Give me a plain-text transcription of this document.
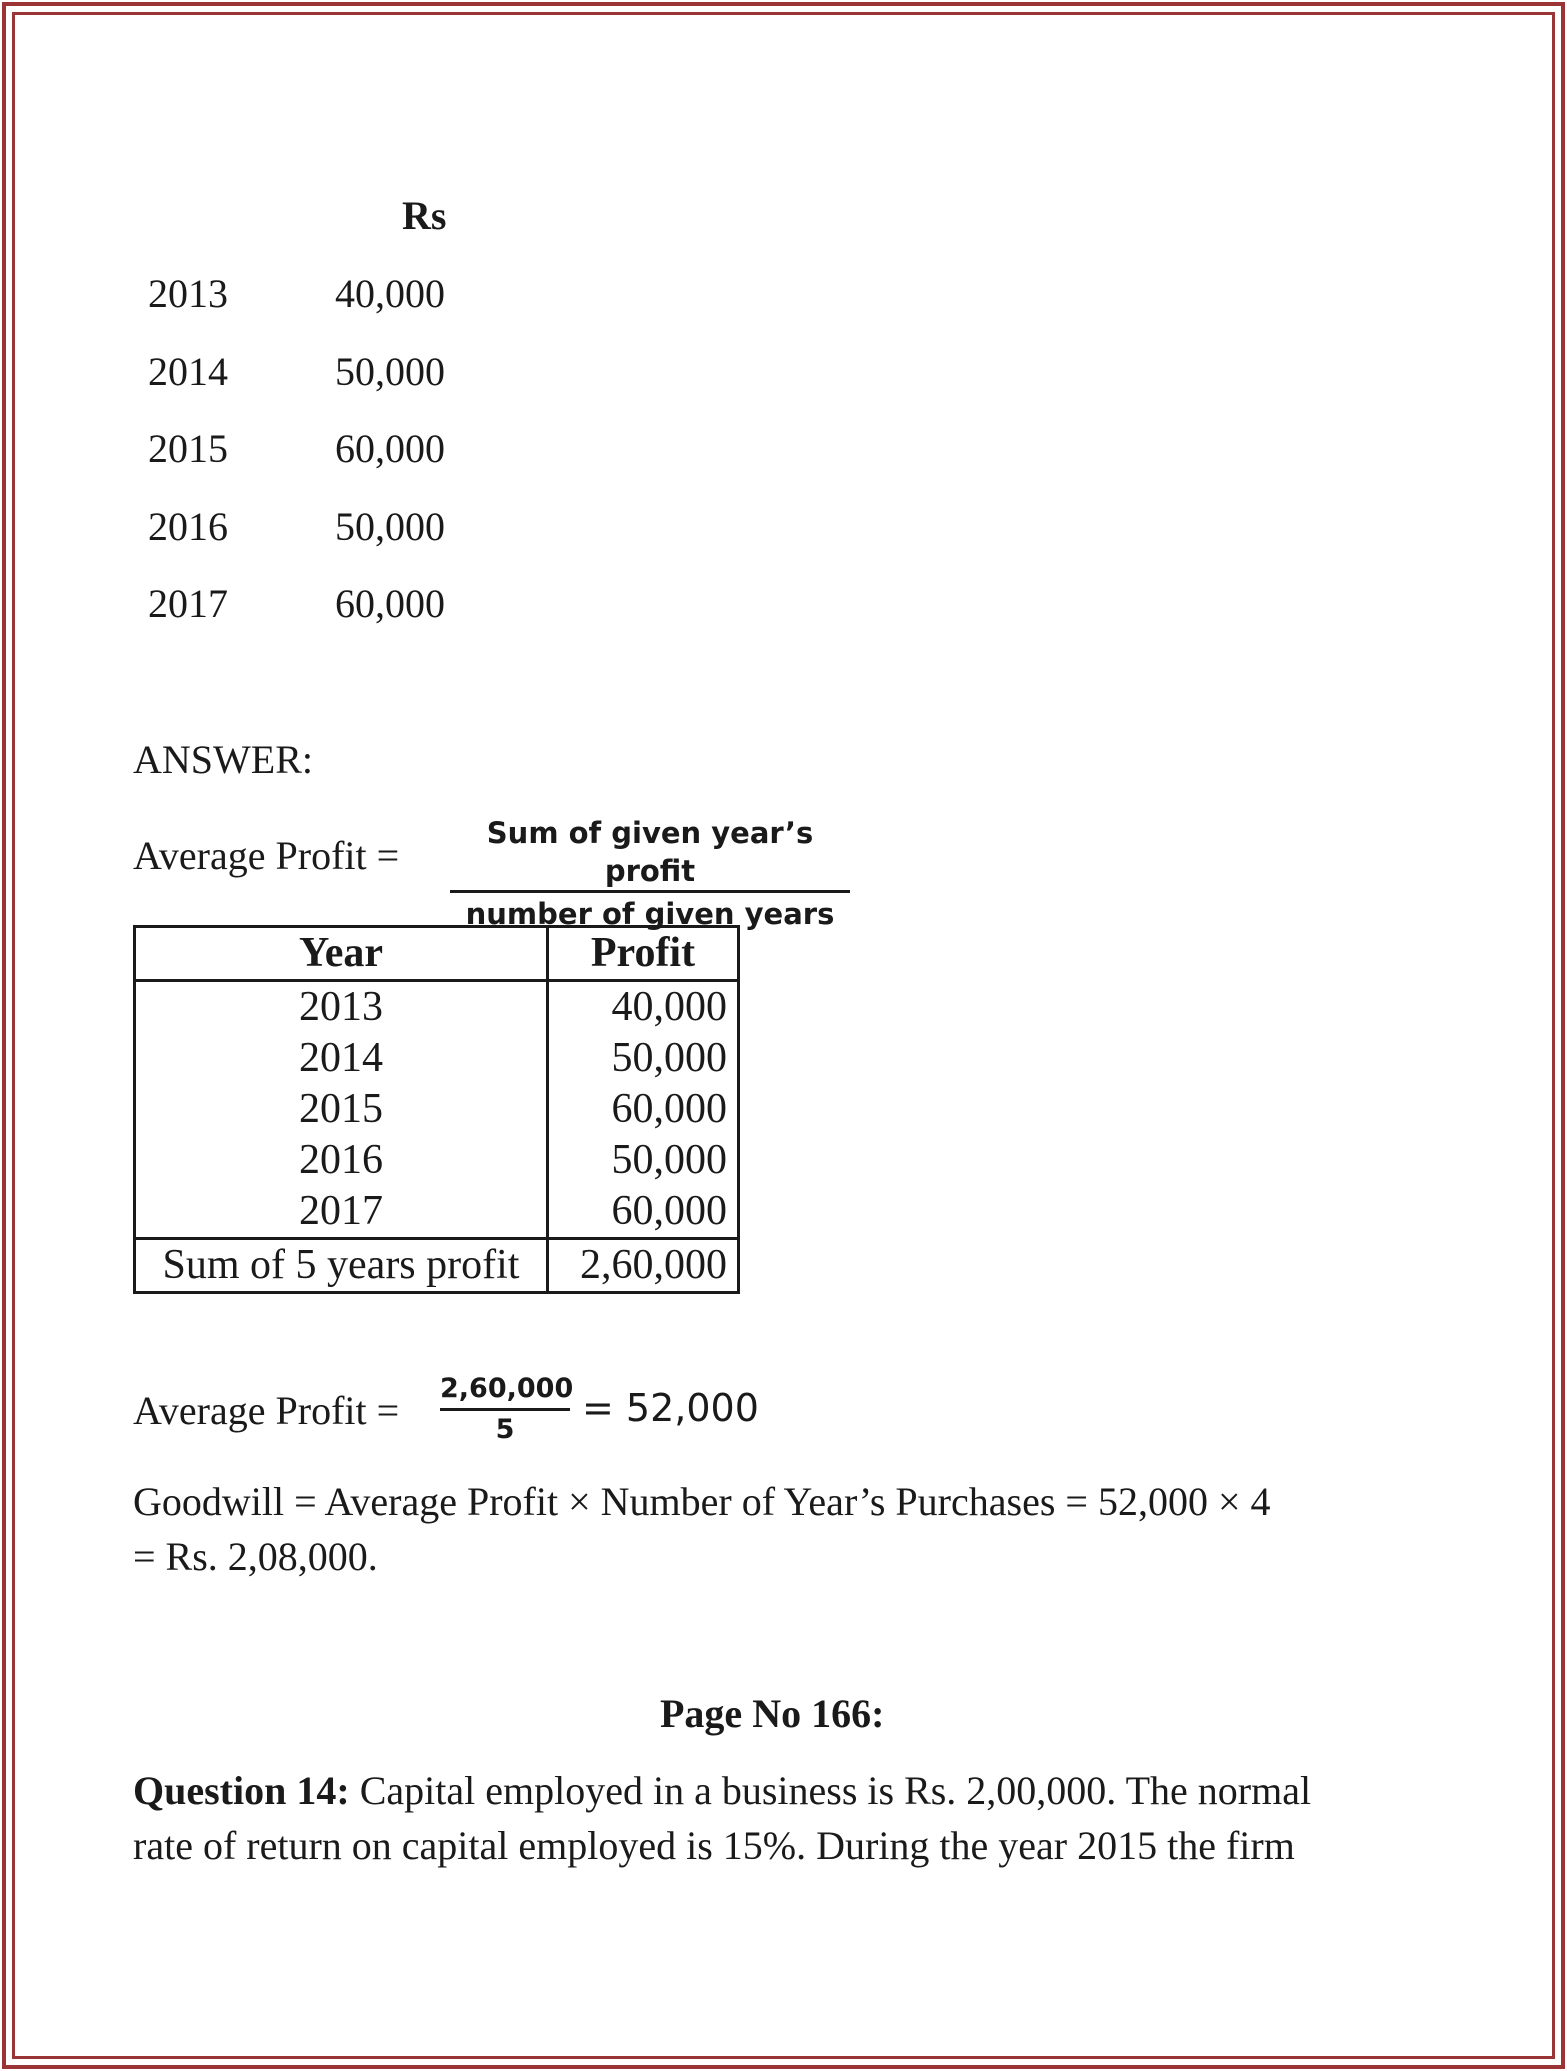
Rs
2013	40,000
2014	50,000
2015	60,000
2016	50,000
2017	60,000
ANSWER:
Average Profit =	Sum of given year’s profit
number of given years
Year	Profit
2013	40,000
2014	50,000
2015	60,000
2016	50,000
2017	60,000
Sum of 5 years profit	2,60,000
Average Profit = 2,60,000
5	= 52,000
Goodwill = Average Profit × Number of Year’s Purchases = 52,000 × 4
= Rs. 2,08,000.
Page No 166:
Question 14: Capital employed in a business is Rs. 2,00,000. The normal
rate of return on capital employed is 15%. During the year 2015 the firm
